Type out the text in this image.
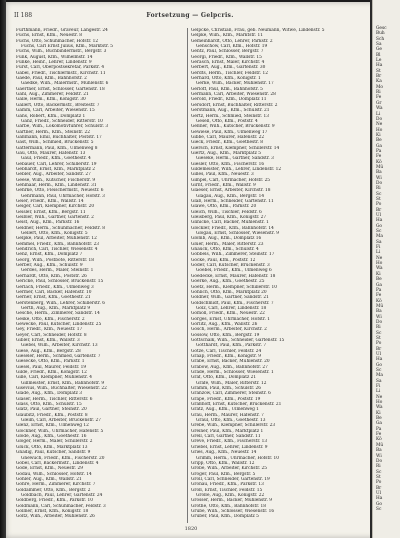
II 188	Fortsetzung — Gelpcris.
Furthmann, Friedr., Graveur, Langestr. 24
Fuchs, Ernst, Kfm., Neuestr. 8
Fuchs, Otto, Schuhmacher, Hofstr. 12
Fuchs, Carl Ernst Julius, Kfm., Marktstr. 5
Fuchs, Wilh., Buchbindermstr., Bergstr. 3
Funk, August, Kfm., Wilhelmstr. 14
Funke, Heinr., Lehrer, Lindenstr. 9
Fürst, Carl, Oberpostsekretär, Parkstr. 4
Gabel, Friedr., Tischlermstr., Kirchstr. 11
Gaede, Paul, Kfm., Bahnhofstr. 2
Gaedke, Wilh., Malermstr., Mühlenstr. 6
Gaertner, Ernst, Schlosser, Gartenstr. 18
Gahl, Aug., Zimmerer, Feldstr. 21
Galle, Herm., Kfm., Königstr. 30
Gallert, Otto, Bäckermstr., Breitestr. 7
Gamm, Carl, Arbeiter, Wiesenstr. 15
Gans, Robert, Kfm., Domplatz 1
Ganz, Friedr., Schneider, Ritterstr. 10
Garbe, Wilh., Lokomotivführer, Schulstr. 3
Gärtner, Herm., Kfm., Steinstr. 22
Gaßmann, Emil, Buchhalter, Poststr. 17
Gast, Wilh., Schmied, Brückenstr. 5
Gattermann, Paul, Kfm., Ulmenweg 8
Gau, Otto, Maurer, Hafenstr. 13
Gaul, Friedr., Kfm., Goethestr. 4
Gebauer, Carl, Lehrer, Schillerstr. 19
Gebhardt, Ernst, Kfm., Marktplatz 2
Gebler, Aug., Arbeiter, Sandstr. 27
Geese, Wilh., Kutscher, Fischerstr. 9
Gehlhaar, Herm., Kfm., Lindenstr. 31
Gehrke, Otto, Fleischermstr., Neuestr. 6
Gehrmann, Paul, Uhrmacher, Hofstr. 3
Geier, Friedr., Kfm., Wallstr. 14
Geiger, Carl, Klempner, Kirchstr. 20
Geisler, Ernst, Kfm., Bergstr. 11
Geißler, Wilh., Gärtner, Gartenstr. 2
Geist, Aug., Kfm., Parkstr. 16
Geldner, Herm., Schuhmacher, Feldstr. 8
Gellert, Otto, Kfm., Königstr. 5
Gelpke, Paul, Arbeiter, Mühlenstr. 12
Gemmel, Friedr., Kfm., Bahnhofstr. 23
Gendrich, Carl, Tischler, Wiesenstr. 4
Genz, Ernst, Kfm., Domplatz 7
Georg, Wilh., Postbote, Ritterstr. 18
Gerber, Aug., Kfm., Schulstr. 9
Gerdes, Herm., Maler, Steinstr. 1
Gerhardt, Otto, Kfm., Poststr. 26
Gericke, Paul, Schlosser, Brückenstr. 15
Gerlach, Friedr., Kfm., Ulmenweg 3
Germer, Carl, Bäcker, Hafenstr. 10
Gerner, Ernst, Kfm., Goethestr. 21
Gerstenberg, Wilh., Lehrer, Schillerstr. 6
Gerth, Aug., Kfm., Marktplatz 9
Gesche, Herm., Zimmerer, Sandstr. 14
Geske, Otto, Kfm., Fischerstr. 2
Gewecke, Paul, Kutscher, Lindenstr. 25
Gey, Friedr., Kfm., Neuestr. 17
Geyer, Carl, Schneider, Hofstr. 8
Gibler, Ernst, Kfm., Wallstr. 3
Giebel, Wilh., Arbeiter, Kirchstr. 13
Giese, Aug., Kfm., Bergstr. 28
Gieseler, Herm., Schmied, Gartenstr. 7
Giesecke, Otto, Kfm., Parkstr. 1
Giesel, Paul, Maurer, Feldstr. 19
Gilde, Friedr., Kfm., Königstr. 12
Gille, Carl, Klempner, Mühlenstr. 4
Gillmeister, Ernst, Kfm., Bahnhofstr. 9
Gisevius, Wilh., Buchhalter, Wiesenstr. 22
Glade, Aug., Kfm., Domplatz 3
Glaser, Herm., Tischler, Ritterstr. 6
Glass, Otto, Kfm., Schulstr. 15
Glatz, Paul, Gärtner, Steinstr. 20
Glaubitz, Friedr., Kfm., Poststr. 8
Gleim, Carl, Arbeiter, Brückenstr. 27
Glenz, Ernst, Kfm., Ulmenweg 12
Glöckner, Wilh., Uhrmacher, Hafenstr. 5
Glöde, Aug., Kfm., Goethestr. 16
Gloger, Herm., Maler, Schillerstr. 2
Glück, Otto, Kfm., Marktplatz 13
Gnädig, Paul, Kutscher, Sandstr. 9
Gnewuch, Friedr., Kfm., Fischerstr. 20
Göbel, Carl, Bäckermstr., Lindenstr. 4
Gode, Ernst, Kfm., Neuestr. 29
Godau, Wilh., Schlosser, Hofstr. 14
Göhler, Aug., Kfm., Wallstr. 21
Göhre, Herm., Zimmerer, Kirchstr. 7
Goldammer, Otto, Kfm., Bergstr. 2
Goldbach, Paul, Lehrer, Gartenstr. 24
Goldberg, Friedr., Kfm., Parkstr. 10
Goldmann, Carl, Schuhmacher, Feldstr. 3
Göllner, Ernst, Kfm., Königstr. 18
Goltz, Wilh., Arbeiter, Mühlenstr. 26
Gelpcke, Christian, Frau, geb. Neumann, Witwe, Lindenstr. 5
Gelpke, Wilh., Kfm., Marktstr. 11
Gemeinhardt, Otto, Lehrer, Parkstr. 2
Genschow, Carl, Kfm., Hofstr. 19
Gentz, Paul, Schlosser, Bergstr. 7
Georgi, Friedr., Kfm., Wallstr. 15
Gerasch, Ernst, Maler, Kirchstr. 4
Gerbert, Aug., Kfm., Gartenstr. 30
Gerdts, Herm., Tischler, Feldstr. 12
Gerhard, Otto, Kfm., Königstr. 1
Gerke, Wilh., Bäcker, Mühlenstr. 17
Gerloff, Paul, Kfm., Bahnhofstr. 5
Germann, Carl, Arbeiter, Wiesenstr. 28
Gerold, Friedr., Kfm., Domplatz 11
Gersdorf, Ernst, Buchhalter, Ritterstr. 2
Gerstmann, Aug., Kfm., Schulstr. 21
Gertz, Herm., Schmied, Steinstr. 13
Gesell, Otto, Kfm., Poststr. 4
Geßner, Wilh., Kutscher, Brückenstr. 9
Gewiese, Paul, Kfm., Ulmenweg 17
Gibbe, Carl, Maurer, Hafenstr. 22
Gieck, Friedr., Kfm., Goethestr. 8
Giersch, Ernst, Klempner, Schillerstr. 14
Giertz, Aug., Kfm., Marktplatz 5
Gieseke, Herm., Gärtner, Sandstr. 3
Giesler, Otto, Kfm., Fischerstr. 16
Gildemeister, Wilh., Lehrer, Lindenstr. 12
Gilles, Paul, Kfm., Neuestr. 3
Gimpel, Carl, Uhrmacher, Hofstr. 25
Girnt, Friedr., Kfm., Wallstr. 9
Glaeser, Ernst, Arbeiter, Kirchstr. 18
Glagau, Aug., Kfm., Bergstr. 14
Glaß, Herm., Schneider, Gartenstr. 11
Glawe, Otto, Kfm., Parkstr. 20
Gleich, Wilh., Tischler, Feldstr. 6
Gleisberg, Paul, Kfm., Königstr. 27
Glinicke, Carl, Bäcker, Mühlenstr. 1
Glöckler, Friedr., Kfm., Bahnhofstr. 14
Glogau, Ernst, Schlosser, Wiesenstr. 9
Glomb, Aug., Kfm., Domplatz 16
Glüer, Herm., Maler, Ritterstr. 23
Gnauck, Otto, Kfm., Schulstr. 4
Göbbels, Wilh., Zimmerer, Steinstr. 17
Göcke, Paul, Kfm., Poststr. 12
Goder, Carl, Kutscher, Brückenstr. 3
Goebel, Friedr., Kfm., Ulmenweg 6
Goedecke, Ernst, Maurer, Hafenstr. 18
Goerke, Aug., Kfm., Goethestr. 25
Goetz, Herm., Klempner, Schillerstr. 10
Göhlich, Otto, Kfm., Marktplatz 20
Göldner, Wilh., Gärtner, Sandstr. 21
Goldschmidt, Paul, Kfm., Fischerstr. 7
Golz, Carl, Lehrer, Lindenstr. 18
Gomoll, Friedr., Kfm., Neuestr. 22
Gorges, Ernst, Uhrmacher, Hofstr. 1
Görlitz, Aug., Kfm., Wallstr. 26
Gosch, Herm., Arbeiter, Kirchstr. 2
Gossow, Otto, Kfm., Bergstr. 19
Gottschalk, Wilh., Schneider, Gartenstr. 15
Gotthardt, Paul, Kfm., Parkstr. 7
Götze, Carl, Tischler, Feldstr. 24
Graap, Friedr., Kfm., Königstr. 9
Grabe, Ernst, Bäcker, Mühlenstr. 20
Grabow, Aug., Kfm., Bahnhofstr. 27
Grade, Herm., Schlosser, Wiesenstr. 1
Graf, Otto, Kfm., Domplatz 21
Gräfe, Wilh., Maler, Ritterstr. 12
Gramm, Paul, Kfm., Schulstr. 26
Granzow, Carl, Zimmerer, Steinstr. 6
Grape, Friedr., Kfm., Poststr. 19
Graßhoff, Ernst, Kutscher, Brückenstr. 21
Gratz, Aug., Kfm., Ulmenweg 1
Grau, Herm., Maurer, Hafenstr. 7
Graul, Otto, Kfm., Goethestr. 13
Grebe, Wilh., Klempner, Schillerstr. 23
Greiner, Paul, Kfm., Marktplatz 1
Grell, Carl, Gärtner, Sandstr. 11
Greve, Friedr., Kfm., Fischerstr. 13
Griebel, Ernst, Lehrer, Lindenstr. 9
Gries, Aug., Kfm., Neuestr. 14
Grimm, Herm., Uhrmacher, Hofstr. 10
Gripp, Otto, Kfm., Wallstr. 12
Grobe, Wilh., Arbeiter, Kirchstr. 25
Gröger, Paul, Kfm., Bergstr. 5
Groll, Carl, Schneider, Gartenstr. 19
Gronau, Friedr., Kfm., Parkstr. 13
Groß, Ernst, Tischler, Feldstr. 15
Große, Aug., Kfm., Königstr. 22
Grosser, Herm., Bäcker, Mühlenstr. 9
Grothe, Otto, Kfm., Bahnhofstr. 18
Grube, Wilh., Schlosser, Wiesenstr. 16
Gruber, Paul, Kfm., Domplatz 5
1820
Gesc
Buh
Sch
Sa
Ge
Bl
Le
Ha
St
Br
Ka
Mo
Ri
Fe
Gr
Wa
Li
Do
Ne
Ho
Ki
Be
Ga
Pa
Fe
Kö
Mü
Ba
Wi
Do
Ri
Sc
St
Po
Br
Ul
Ha
Go
Sc
Ma
Sa
Fi
Li
Ne
Ho
Wa
Ki
Be
Ga
Pa
Fe
Kö
Mü
Ba
Wi
Do
Ri
Sc
St
Po
Br
Ul
Ha
Go
Sc
Ma
Sa
Fi
Li
Ne
Ho
Wa
Ki
Be
Ga
Pa
Fe
Kö
Mü
Ba
Wi
Do
Ri
Sc
St
Po
Br
Ul
Ha
Go
Sc
